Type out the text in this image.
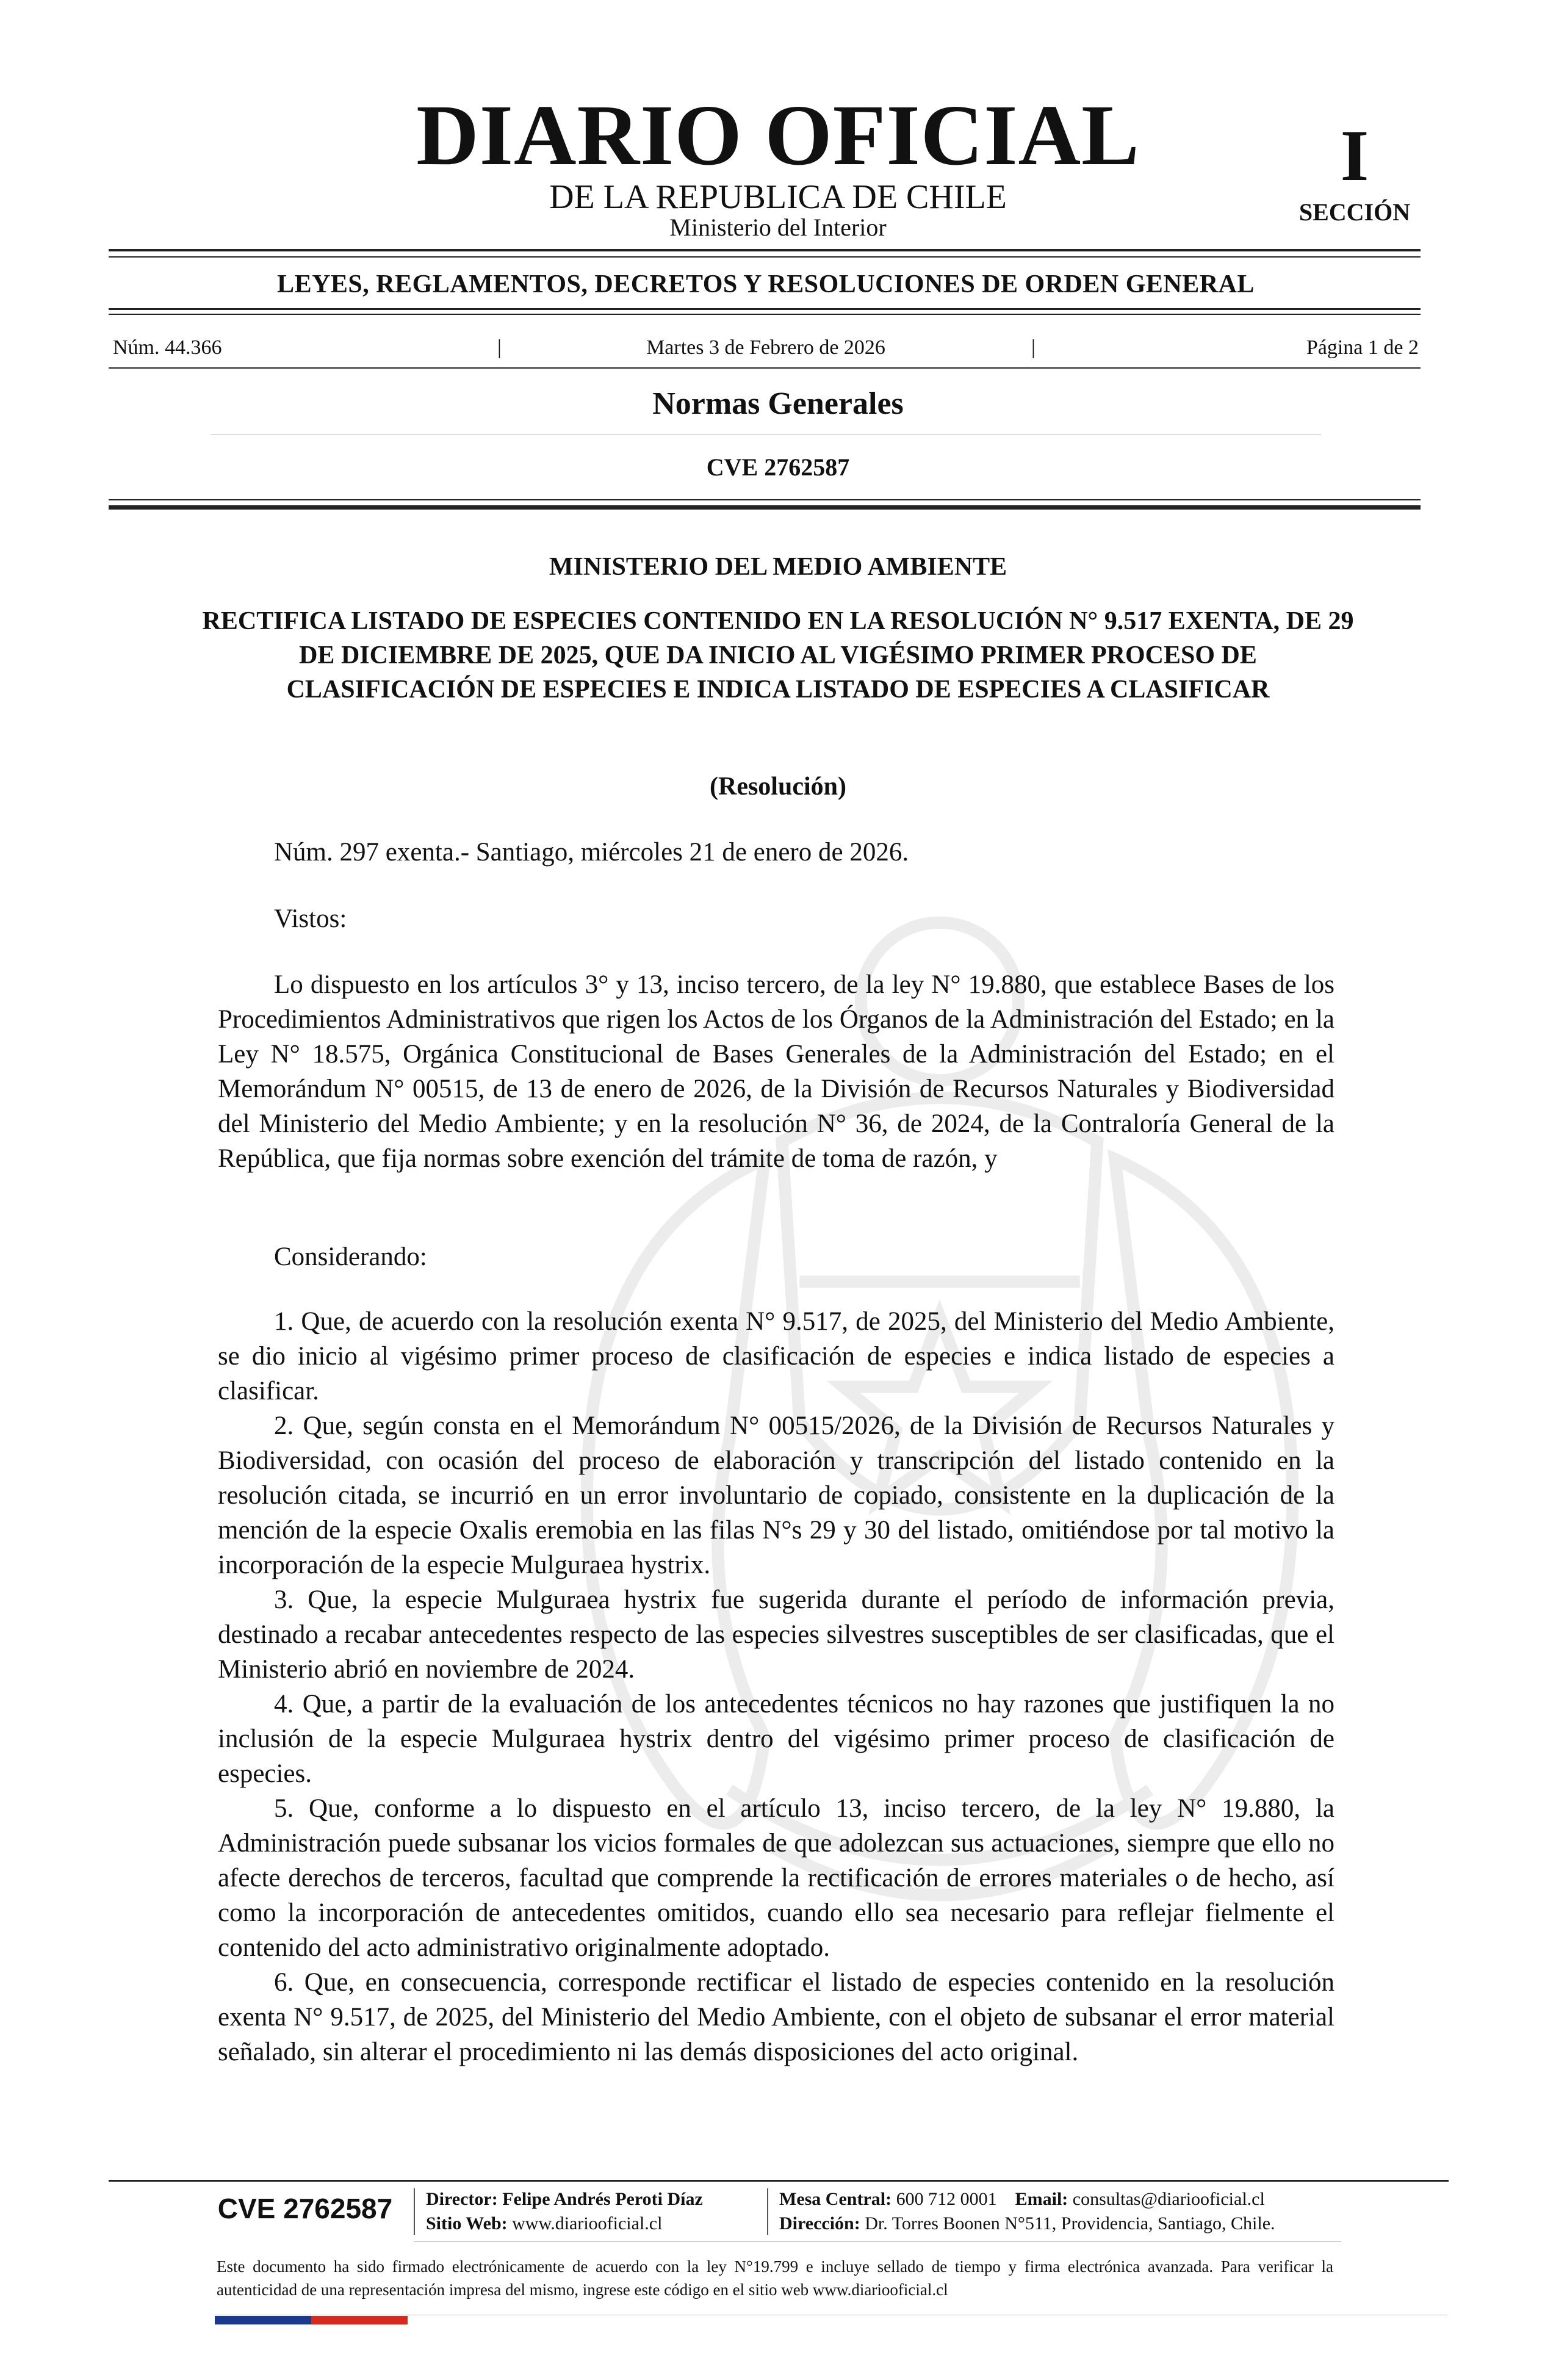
DIARIO OFICIAL
DE LA REPUBLICA DE CHILE
Ministerio del Interior
I
SECCIÓN
LEYES, REGLAMENTOS, DECRETOS Y RESOLUCIONES DE ORDEN GENERAL
Núm. 44.366	|	Martes 3 de Febrero de 2026	|	Página 1 de 2
Normas Generales
CVE 2762587
MINISTERIO DEL MEDIO AMBIENTE
RECTIFICA LISTADO DE ESPECIES CONTENIDO EN LA RESOLUCIÓN N° 9.517 EXENTA, DE 29 DE DICIEMBRE DE 2025, QUE DA INICIO AL VIGÉSIMO PRIMER PROCESO DE CLASIFICACIÓN DE ESPECIES E INDICA LISTADO DE ESPECIES A CLASIFICAR
(Resolución)
Núm. 297 exenta.- Santiago, miércoles 21 de enero de 2026.
Vistos:

Lo dispuesto en los artículos 3° y 13, inciso tercero, de la ley N° 19.880, que establece Bases de los Procedimientos Administrativos que rigen los Actos de los Órganos de la Administración del Estado; en la Ley N° 18.575, Orgánica Constitucional de Bases Generales de la Administración del Estado; en el Memorándum N° 00515, de 13 de enero de 2026, de la División de Recursos Naturales y Biodiversidad del Ministerio del Medio Ambiente; y en la resolución N° 36, de 2024, de la Contraloría General de la República, que fija normas sobre exención del trámite de toma de razón, y

Considerando:

1. Que, de acuerdo con la resolución exenta N° 9.517, de 2025, del Ministerio del Medio Ambiente, se dio inicio al vigésimo primer proceso de clasificación de especies e indica listado de especies a clasificar.

2. Que, según consta en el Memorándum N° 00515/2026, de la División de Recursos Naturales y Biodiversidad, con ocasión del proceso de elaboración y transcripción del listado contenido en la resolución citada, se incurrió en un error involuntario de copiado, consistente en la duplicación de la mención de la especie Oxalis eremobia en las filas N°s 29 y 30 del listado, omitiéndose por tal motivo la incorporación de la especie Mulguraea hystrix.

3. Que, la especie Mulguraea hystrix fue sugerida durante el período de información previa, destinado a recabar antecedentes respecto de las especies silvestres susceptibles de ser clasificadas, que el Ministerio abrió en noviembre de 2024.

4. Que, a partir de la evaluación de los antecedentes técnicos no hay razones que justifiquen la no inclusión de la especie Mulguraea hystrix dentro del vigésimo primer proceso de clasificación de especies.

5. Que, conforme a lo dispuesto en el artículo 13, inciso tercero, de la ley N° 19.880, la Administración puede subsanar los vicios formales de que adolezcan sus actuaciones, siempre que ello no afecte derechos de terceros, facultad que comprende la rectificación de errores materiales o de hecho, así como la incorporación de antecedentes omitidos, cuando ello sea necesario para reflejar fielmente el contenido del acto administrativo originalmente adoptado.

6. Que, en consecuencia, corresponde rectificar el listado de especies contenido en la resolución exenta N° 9.517, de 2025, del Ministerio del Medio Ambiente, con el objeto de subsanar el error material señalado, sin alterar el procedimiento ni las demás disposiciones del acto original.

CVE 2762587	Director: Felipe Andrés Peroti Díaz
Sitio Web: www.diariooficial.cl
Mesa Central: 600 712 0001 Email: consultas@diariooficial.cl
Dirección: Dr. Torres Boonen N°511, Providencia, Santiago, Chile.
Este documento ha sido firmado electrónicamente de acuerdo con la ley N°19.799 e incluye sellado de tiempo y firma electrónica avanzada. Para verificar la autenticidad de una representación impresa del mismo, ingrese este código en el sitio web www.diariooficial.cl
